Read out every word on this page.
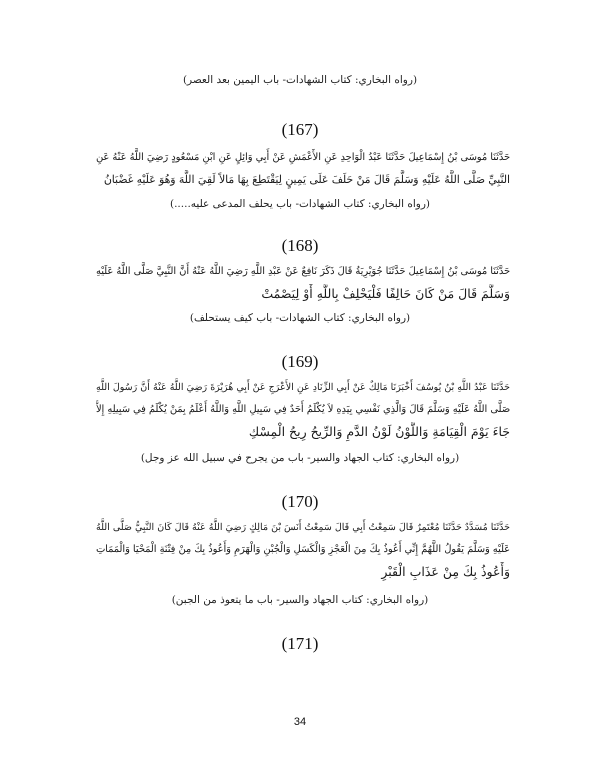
(رواه البخاري: كتاب الشهادات- باب اليمين بعد العصر)
(167)
حَدَّثَنَا مُوسَى بْنُ إِسْمَاعِيلَ حَدَّثَنَا عَبْدُ الْوَاحِدِ عَنِ الأَعْمَشِ عَنْ أَبِي وَائِلٍ عَنِ ابْنِ مَسْعُودٍ رَضِيَ اللَّهُ عَنْهُ عَنِ
النَّبِيِّ صَلَّى اللَّهُ عَلَيْهِ وَسَلَّمَ قَالَ مَنْ حَلَفَ عَلَى يَمِينٍ لِيَقْتَطِعَ بِهَا مَالاً لَقِيَ اللَّهَ وَهُوَ عَلَيْهِ غَضْبَانُ
(رواه البخاري: كتاب الشهادات- باب يحلف المدعى عليه.....)
(168)
حَدَّثَنَا مُوسَى بْنُ إِسْمَاعِيلَ حَدَّثَنَا جُوَيْرِيَةُ قَالَ ذَكَرَ نَافِعٌ عَنْ عَبْدِ اللَّهِ رَضِيَ اللَّهُ عَنْهُ أَنَّ النَّبِيَّ صَلَّى اللَّهُ عَلَيْهِ
وَسَلَّمَ قَالَ مَنْ كَانَ حَالِفًا فَلْيَحْلِفْ بِاللَّهِ أَوْ لِيَصْمُتْ
(رواه البخاري: كتاب الشهادات- باب كيف يستحلف)
(169)
حَدَّثَنَا عَبْدُ اللَّهِ بْنُ يُوسُفَ أَخْبَرَنَا مَالِكٌ عَنْ أَبِي الزِّنَادِ عَنِ الأَعْرَجِ عَنْ أَبِي هُرَيْرَةَ رَضِيَ اللَّهُ عَنْهُ أَنَّ رَسُولَ اللَّهِ
صَلَّى اللَّهُ عَلَيْهِ وَسَلَّمَ قَالَ وَالَّذِي نَفْسِي بِيَدِهِ لاَ يُكْلَمُ أَحَدٌ فِي سَبِيلِ اللَّهِ وَاللَّهُ أَعْلَمُ بِمَنْ يُكْلَمُ فِي سَبِيلِهِ إِلاَّ
جَاءَ يَوْمَ الْقِيَامَةِ وَاللَّوْنُ لَوْنُ الدَّمِ وَالرِّيحُ رِيحُ الْمِسْكِ
(رواه البخاري: كتاب الجهاد والسير- باب من يجرح في سبيل الله عز وجل)
(170)
حَدَّثَنَا مُسَدَّدٌ حَدَّثَنَا مُعْتَمِرٌ قَالَ سَمِعْتُ أَبِي قَالَ سَمِعْتُ أَنَسَ بْنَ مَالِكٍ رَضِيَ اللَّهُ عَنْهُ قَالَ كَانَ النَّبِيُّ صَلَّى اللَّهُ
عَلَيْهِ وَسَلَّمَ يَقُولُ اللَّهُمَّ إِنِّي أَعُوذُ بِكَ مِنَ الْعَجْزِ وَالْكَسَلِ وَالْجُبْنِ وَالْهَرَمِ وَأَعُوذُ بِكَ مِنْ فِتْنَةِ الْمَحْيَا وَالْمَمَاتِ
وَأَعُوذُ بِكَ مِنْ عَذَابِ الْقَبْرِ
(رواه البخاري: كتاب الجهاد والسير- باب ما يتعوذ من الجبن)
(171)
34
